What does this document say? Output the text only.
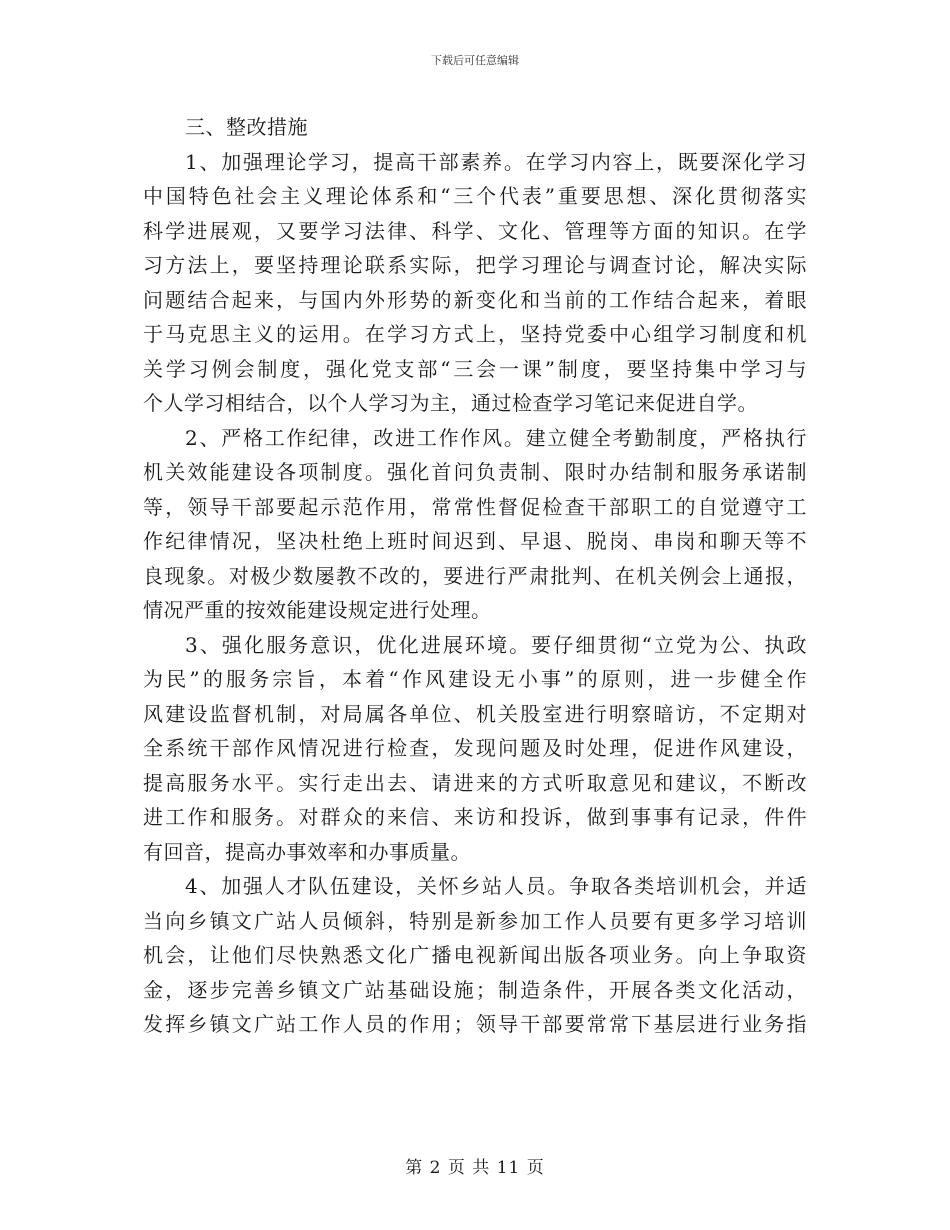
下载后可任意编辑
三、整改措施
1、加强理论学习，提高干部素养。在学习内容上，既要深化学习
中国特色社会主义理论体系和“三个代表”重要思想、深化贯彻落实
科学进展观，又要学习法律、科学、文化、管理等方面的知识。在学
习方法上，要坚持理论联系实际，把学习理论与调查讨论，解决实际
问题结合起来，与国内外形势的新变化和当前的工作结合起来，着眼
于马克思主义的运用。在学习方式上，坚持党委中心组学习制度和机
关学习例会制度，强化党支部“三会一课”制度，要坚持集中学习与
个人学习相结合，以个人学习为主，通过检查学习笔记来促进自学。
2、严格工作纪律，改进工作作风。建立健全考勤制度，严格执行
机关效能建设各项制度。强化首问负责制、限时办结制和服务承诺制
等，领导干部要起示范作用，常常性督促检查干部职工的自觉遵守工
作纪律情况，坚决杜绝上班时间迟到、早退、脱岗、串岗和聊天等不
良现象。对极少数屡教不改的，要进行严肃批判、在机关例会上通报，
情况严重的按效能建设规定进行处理。
3、强化服务意识，优化进展环境。要仔细贯彻“立党为公、执政
为民”的服务宗旨，本着“作风建设无小事”的原则，进一步健全作
风建设监督机制，对局属各单位、机关股室进行明察暗访，不定期对
全系统干部作风情况进行检查，发现问题及时处理，促进作风建设，
提高服务水平。实行走出去、请进来的方式听取意见和建议，不断改
进工作和服务。对群众的来信、来访和投诉，做到事事有记录，件件
有回音，提高办事效率和办事质量。
4、加强人才队伍建设，关怀乡站人员。争取各类培训机会，并适
当向乡镇文广站人员倾斜，特别是新参加工作人员要有更多学习培训
机会，让他们尽快熟悉文化广播电视新闻出版各项业务。向上争取资
金，逐步完善乡镇文广站基础设施；制造条件，开展各类文化活动，
发挥乡镇文广站工作人员的作用；领导干部要常常下基层进行业务指
第 2 页 共 11 页
